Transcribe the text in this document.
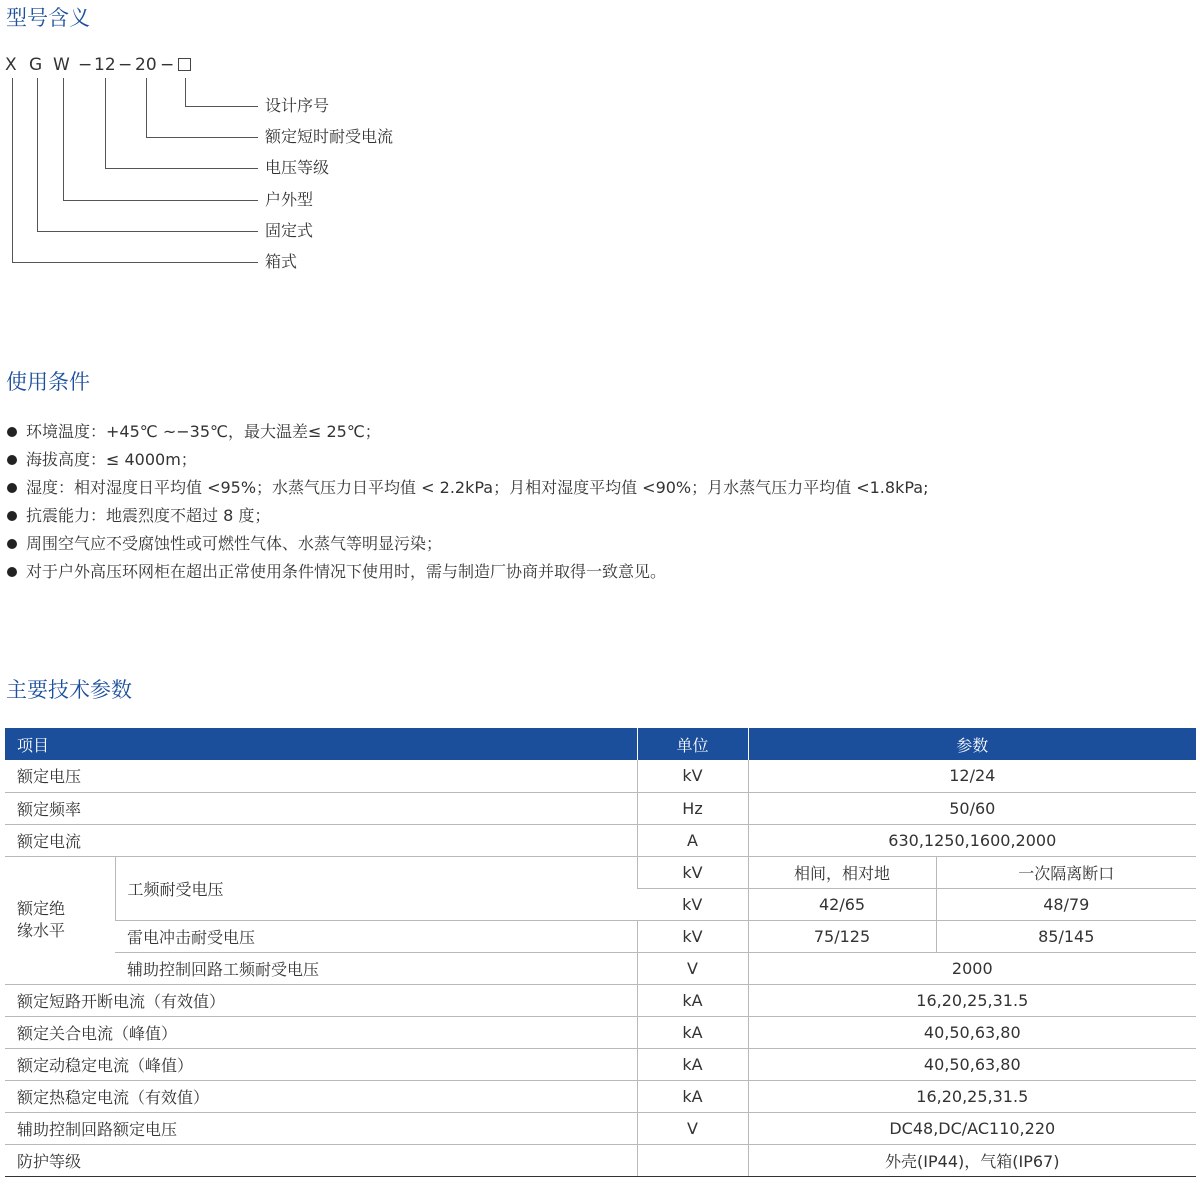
型号含义
X G W − 12 − 20 −
设计序号
额定短时耐受电流
电压等级
户外型
固定式
箱式
使用条件
环境温度：+45℃ ~−35℃，最大温差≤ 25℃；
海拔高度：≤ 4000m；
湿度：相对湿度日平均值 <95%；水蒸气压力日平均值 < 2.2kPa；月相对湿度平均值 <90%；月水蒸气压力平均值 <1.8kPa;
抗震能力：地震烈度不超过 8 度；
周围空气应不受腐蚀性或可燃性气体、水蒸气等明显污染；
对于户外高压环网柜在超出正常使用条件情况下使用时，需与制造厂协商并取得一致意见。
主要技术参数
项目		单位	参数	
额定电压		kV	12/24	
额定频率		Hz	50/60	
额定电流		A	630,1250,1600,2000	
额定绝缘水平	工频耐受电压	kV	相间，相对地	一次隔离断口
		kV	42/65	48/79
	雷电冲击耐受电压	kV	75/125	85/145
	辅助控制回路工频耐受电压	V	2000	
额定短路开断电流（有效值）		kA	16,20,25,31.5	
额定关合电流（峰值）		kA	40,50,63,80	
额定动稳定电流（峰值）		kA	40,50,63,80	
额定热稳定电流（有效值）		kA	16,20,25,31.5	
辅助控制回路额定电压		V	DC48,DC/AC110,220	
防护等级			外壳(IP44)，气箱(IP67)	
